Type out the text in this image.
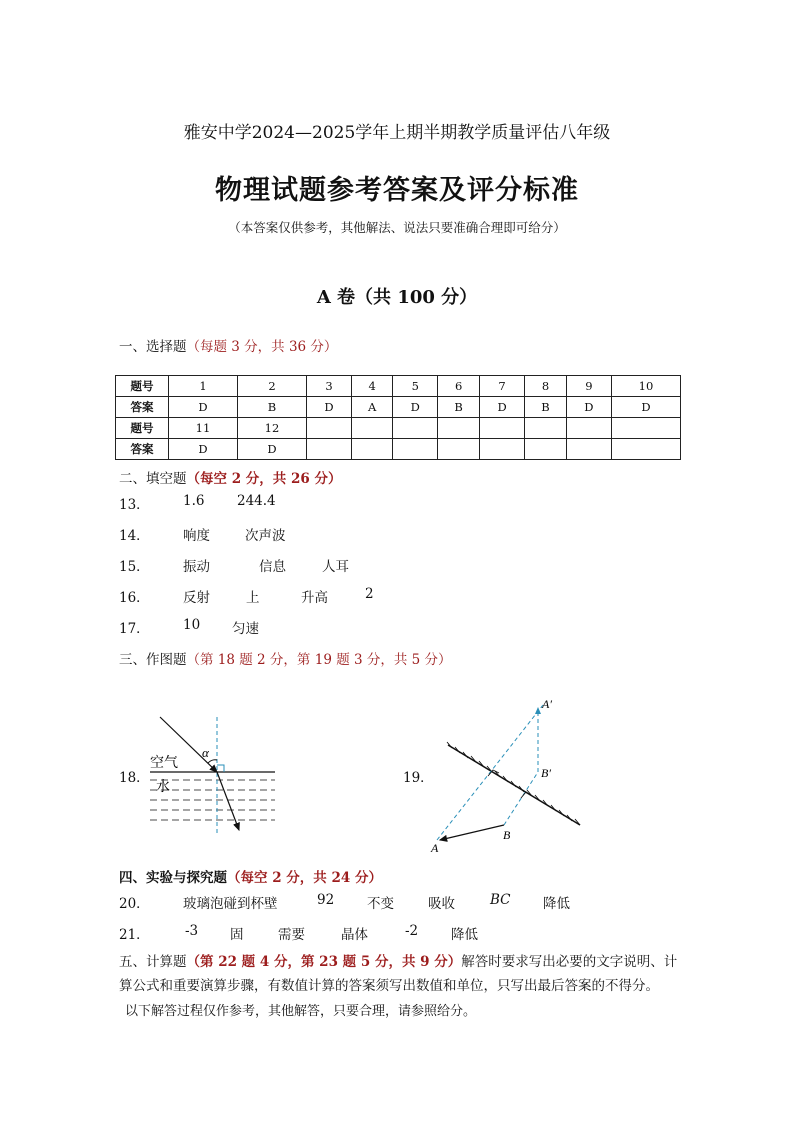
雅安中学2024—2025学年上期半期教学质量评估八年级
物理试题参考答案及评分标准
（本答案仅供参考，其他解法、说法只要准确合理即可给分）
A 卷（共 100 分）
一、选择题（每题 3 分，共 36 分）
题号	1	2	3	4	5	6	7	8	9	10
答案	D	B	D	A	D	B	D	B	D	D
题号	11	12								
答案	D	D								
二、填空题（每空 2 分，共 26 分）
13． 1.6 244.4
14． 响度	次声波
15． 振动	信息	人耳
16． 反射	上	升高	2
17． 10 匀速
三、作图题（第 18 题 2 分，第 19 题 3 分，共 5 分）
18．
α
空气
水
19．
A′
B′
A
B
四、实验与探究题（每空 2 分，共 24 分）
20． 玻璃泡碰到杯壁	92 不变	吸收	BC 降低
21．	-3 固	需要	晶体	-2 降低
五、计算题（第 22 题 4 分，第 23 题 5 分，共 9 分）解答时要求写出必要的文字说明、计算公式和重要演算步骤，有数值计算的答案须写出数值和单位，只写出最后答案的不得分。
以下解答过程仅作参考，其他解答，只要合理，请参照给分。
